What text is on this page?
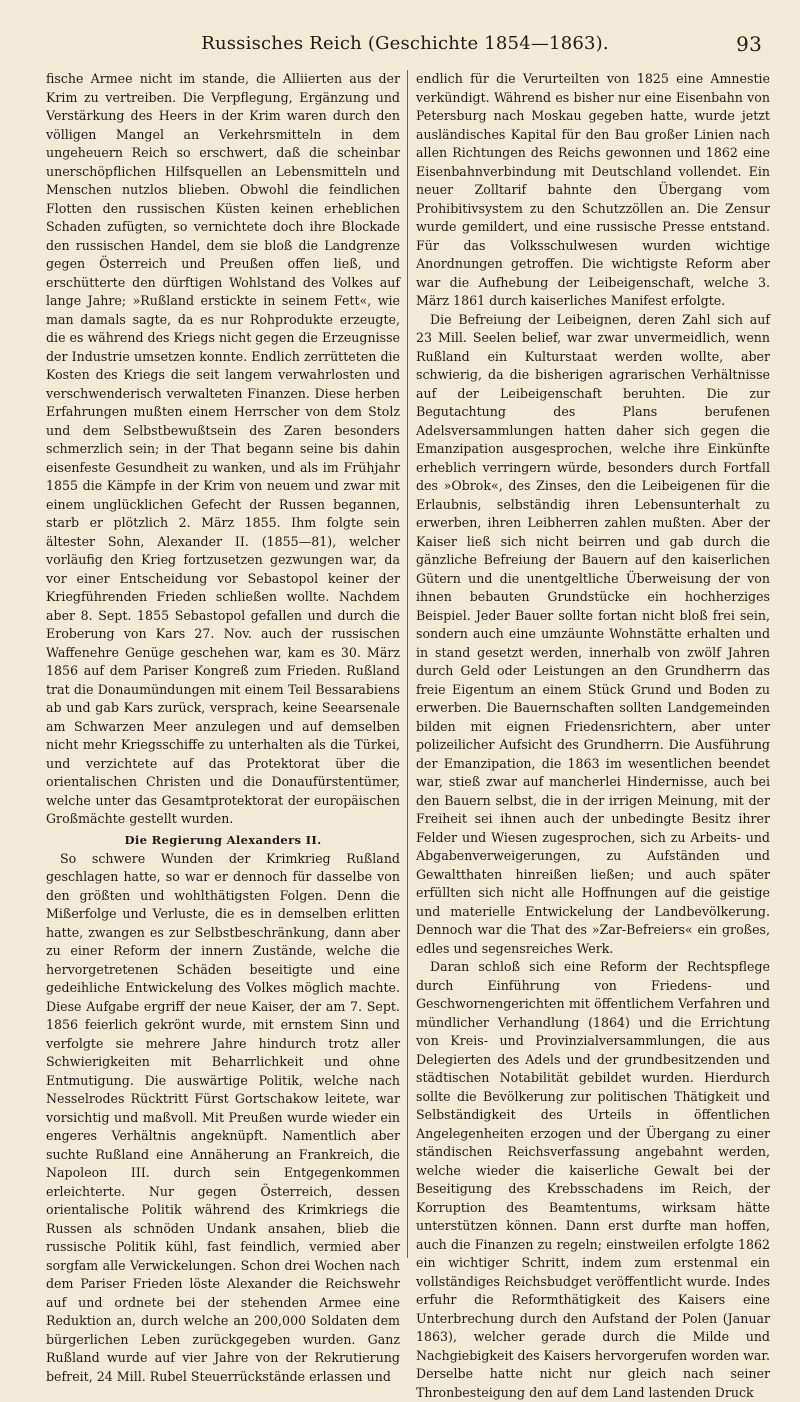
Russisches Reich (Geschichte 1854—1863).	93

fische Armee nicht im stande, die Alliierten aus der Krim zu vertreiben. Die Verpflegung, Ergänzung und Verstärkung des Heers in der Krim waren durch den völligen Mangel an Verkehrsmitteln in dem ungeheuern Reich so erschwert, daß die scheinbar unerschöpflichen Hilfsquellen an Lebensmitteln und Menschen nutzlos blieben. Obwohl die feindlichen Flotten den russischen Küsten keinen erheblichen Schaden zufügten, so vernichtete doch ihre Blockade den russischen Handel, dem sie bloß die Landgrenze gegen Österreich und Preußen offen ließ, und erschütterte den dürftigen Wohlstand des Volkes auf lange Jahre; »Rußland erstickte in seinem Fett«, wie man damals sagte, da es nur Rohprodukte erzeugte, die es während des Kriegs nicht gegen die Erzeugnisse der Industrie umsetzen konnte. Endlich zerrütteten die Kosten des Kriegs die seit langem verwahrlosten und verschwenderisch verwalteten Finanzen. Diese herben Erfahrungen mußten einem Herrscher von dem Stolz und dem Selbstbewußtsein des Zaren besonders schmerzlich sein; in der That begann seine bis dahin eisenfeste Gesundheit zu wanken, und als im Frühjahr 1855 die Kämpfe in der Krim von neuem und zwar mit einem unglücklichen Gefecht der Russen begannen, starb er plötzlich 2. März 1855. Ihm folgte sein ältester Sohn, Alexander II. (1855—81), welcher vorläufig den Krieg fortzusetzen gezwungen war, da vor einer Entscheidung vor Sebastopol keiner der Kriegführenden Frieden schließen wollte. Nachdem aber 8. Sept. 1855 Sebastopol gefallen und durch die Eroberung von Kars 27. Nov. auch der russischen Waffenehre Genüge geschehen war, kam es 30. März 1856 auf dem Pariser Kongreß zum Frieden. Rußland trat die Donaumündungen mit einem Teil Bessarabiens ab und gab Kars zurück, versprach, keine Seearsenale am Schwarzen Meer anzulegen und auf demselben nicht mehr Kriegsschiffe zu unterhalten als die Türkei, und verzichtete auf das Protektorat über die orientalischen Christen und die Donaufürstentümer, welche unter das Gesamtprotektorat der europäischen Großmächte gestellt wurden.

Die Regierung Alexanders II.

So schwere Wunden der Krimkrieg Rußland geschlagen hatte, so war er dennoch für dasselbe von den größten und wohlthätigsten Folgen. Denn die Mißerfolge und Verluste, die es in demselben erlitten hatte, zwangen es zur Selbstbeschränkung, dann aber zu einer Reform der innern Zustände, welche die hervorgetretenen Schäden beseitigte und eine gedeihliche Entwickelung des Volkes möglich machte. Diese Aufgabe ergriff der neue Kaiser, der am 7. Sept. 1856 feierlich gekrönt wurde, mit ernstem Sinn und verfolgte sie mehrere Jahre hindurch trotz aller Schwierigkeiten mit Beharrlichkeit und ohne Entmutigung. Die auswärtige Politik, welche nach Nesselrodes Rücktritt Fürst Gortschakow leitete, war vorsichtig und maßvoll. Mit Preußen wurde wieder ein engeres Verhältnis angeknüpft. Namentlich aber suchte Rußland eine Annäherung an Frankreich, die Napoleon III. durch sein Entgegenkommen erleichterte. Nur gegen Österreich, dessen orientalische Politik während des Krimkriegs die Russen als schnöden Undank ansahen, blieb die russische Politik kühl, fast feindlich, vermied aber sorgfam alle Verwickelungen. Schon drei Wochen nach dem Pariser Frieden löste Alexander die Reichswehr auf und ordnete bei der stehenden Armee eine Reduktion an, durch welche an 200,000 Soldaten dem bürgerlichen Leben zurückgegeben wurden. Ganz Rußland wurde auf vier Jahre von der Rekrutierung befreit, 24 Mill. Rubel Steuerrückstände erlassen und

endlich für die Verurteilten von 1825 eine Amnestie verkündigt. Während es bisher nur eine Eisenbahn von Petersburg nach Moskau gegeben hatte, wurde jetzt ausländisches Kapital für den Bau großer Linien nach allen Richtungen des Reichs gewonnen und 1862 eine Eisenbahnverbindung mit Deutschland vollendet. Ein neuer Zolltarif bahnte den Übergang vom Prohibitivsystem zu den Schutzzöllen an. Die Zensur wurde gemildert, und eine russische Presse entstand. Für das Volksschulwesen wurden wichtige Anordnungen getroffen. Die wichtigste Reform aber war die Aufhebung der Leibeigenschaft, welche 3. März 1861 durch kaiserliches Manifest erfolgte.

Die Befreiung der Leibeignen, deren Zahl sich auf 23 Mill. Seelen belief, war zwar unvermeidlich, wenn Rußland ein Kulturstaat werden wollte, aber schwierig, da die bisherigen agrarischen Verhältnisse auf der Leibeigenschaft beruhten. Die zur Begutachtung des Plans berufenen Adelsversammlungen hatten daher sich gegen die Emanzipation ausgesprochen, welche ihre Einkünfte erheblich verringern würde, besonders durch Fortfall des »Obrok«, des Zinses, den die Leibeigenen für die Erlaubnis, selbständig ihren Lebensunterhalt zu erwerben, ihren Leibherren zahlen mußten. Aber der Kaiser ließ sich nicht beirren und gab durch die gänzliche Befreiung der Bauern auf den kaiserlichen Gütern und die unentgeltliche Überweisung der von ihnen bebauten Grundstücke ein hochherziges Beispiel. Jeder Bauer sollte fortan nicht bloß frei sein, sondern auch eine umzäunte Wohnstätte erhalten und in stand gesetzt werden, innerhalb von zwölf Jahren durch Geld oder Leistungen an den Grundherrn das freie Eigentum an einem Stück Grund und Boden zu erwerben. Die Bauernschaften sollten Landgemeinden bilden mit eignen Friedensrichtern, aber unter polizeilicher Aufsicht des Grundherrn. Die Ausführung der Emanzipation, die 1863 im wesentlichen beendet war, stieß zwar auf mancherlei Hindernisse, auch bei den Bauern selbst, die in der irrigen Meinung, mit der Freiheit sei ihnen auch der unbedingte Besitz ihrer Felder und Wiesen zugesprochen, sich zu Arbeits- und Abgabenverweigerungen, zu Aufständen und Gewaltthaten hinreißen ließen; und auch später erfüllten sich nicht alle Hoffnungen auf die geistige und materielle Entwickelung der Landbevölkerung. Dennoch war die That des »Zar-Befreiers« ein großes, edles und segensreiches Werk.

Daran schloß sich eine Reform der Rechtspflege durch Einführung von Friedens- und Geschwornengerichten mit öffentlichem Verfahren und mündlicher Verhandlung (1864) und die Errichtung von Kreis- und Provinzialversammlungen, die aus Delegierten des Adels und der grundbesitzenden und städtischen Notabilität gebildet wurden. Hierdurch sollte die Bevölkerung zur politischen Thätigkeit und Selbständigkeit des Urteils in öffentlichen Angelegenheiten erzogen und der Übergang zu einer ständischen Reichsverfassung angebahnt werden, welche wieder die kaiserliche Gewalt bei der Beseitigung des Krebsschadens im Reich, der Korruption des Beamtentums, wirksam hätte unterstützen können. Dann erst durfte man hoffen, auch die Finanzen zu regeln; einstweilen erfolgte 1862 ein wichtiger Schritt, indem zum erstenmal ein vollständiges Reichsbudget veröffentlicht wurde. Indes erfuhr die Reformthätigkeit des Kaisers eine Unterbrechung durch den Aufstand der Polen (Januar 1863), welcher gerade durch die Milde und Nachgiebigkeit des Kaisers hervorgerufen worden war. Derselbe hatte nicht nur gleich nach seiner Thronbesteigung den auf dem Land lastenden Druck
